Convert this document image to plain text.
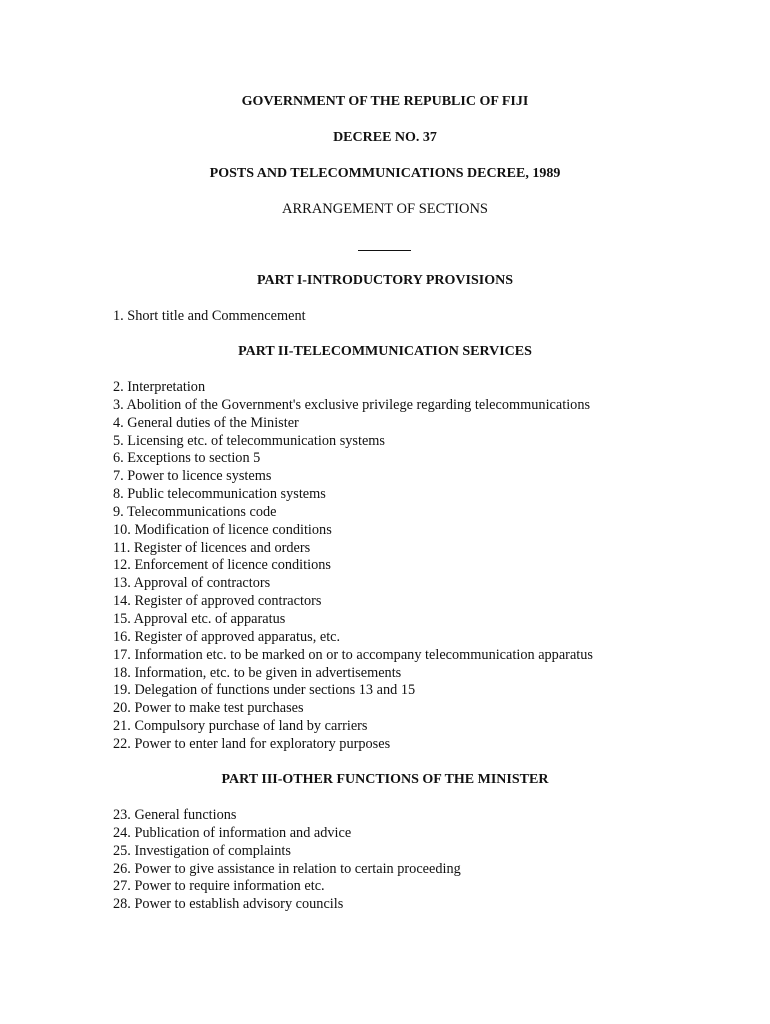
GOVERNMENT OF THE REPUBLIC OF FIJI
DECREE NO. 37
POSTS AND TELECOMMUNICATIONS DECREE, 1989
ARRANGEMENT OF SECTIONS
PART I-INTRODUCTORY PROVISIONS
1. Short title and Commencement
PART II-TELECOMMUNICATION SERVICES
2. Interpretation
3. Abolition of the Government's exclusive privilege regarding telecommunications
4. General duties of the Minister
5. Licensing etc. of telecommunication systems
6. Exceptions to section 5
7. Power to licence systems
8. Public telecommunication systems
9. Telecommunications code
10. Modification of licence conditions
11. Register of licences and orders
12. Enforcement of licence conditions
13. Approval of contractors
14. Register of approved contractors
15. Approval etc. of apparatus
16. Register of approved apparatus, etc.
17. Information etc. to be marked on or to accompany telecommunication apparatus
18. Information, etc. to be given in advertisements
19. Delegation of functions under sections 13 and 15
20. Power to make test purchases
21. Compulsory purchase of land by carriers
22. Power to enter land for exploratory purposes
PART III-OTHER FUNCTIONS OF THE MINISTER
23. General functions
24. Publication of information and advice
25. Investigation of complaints
26. Power to give assistance in relation to certain proceeding
27. Power to require information etc.
28. Power to establish advisory councils
